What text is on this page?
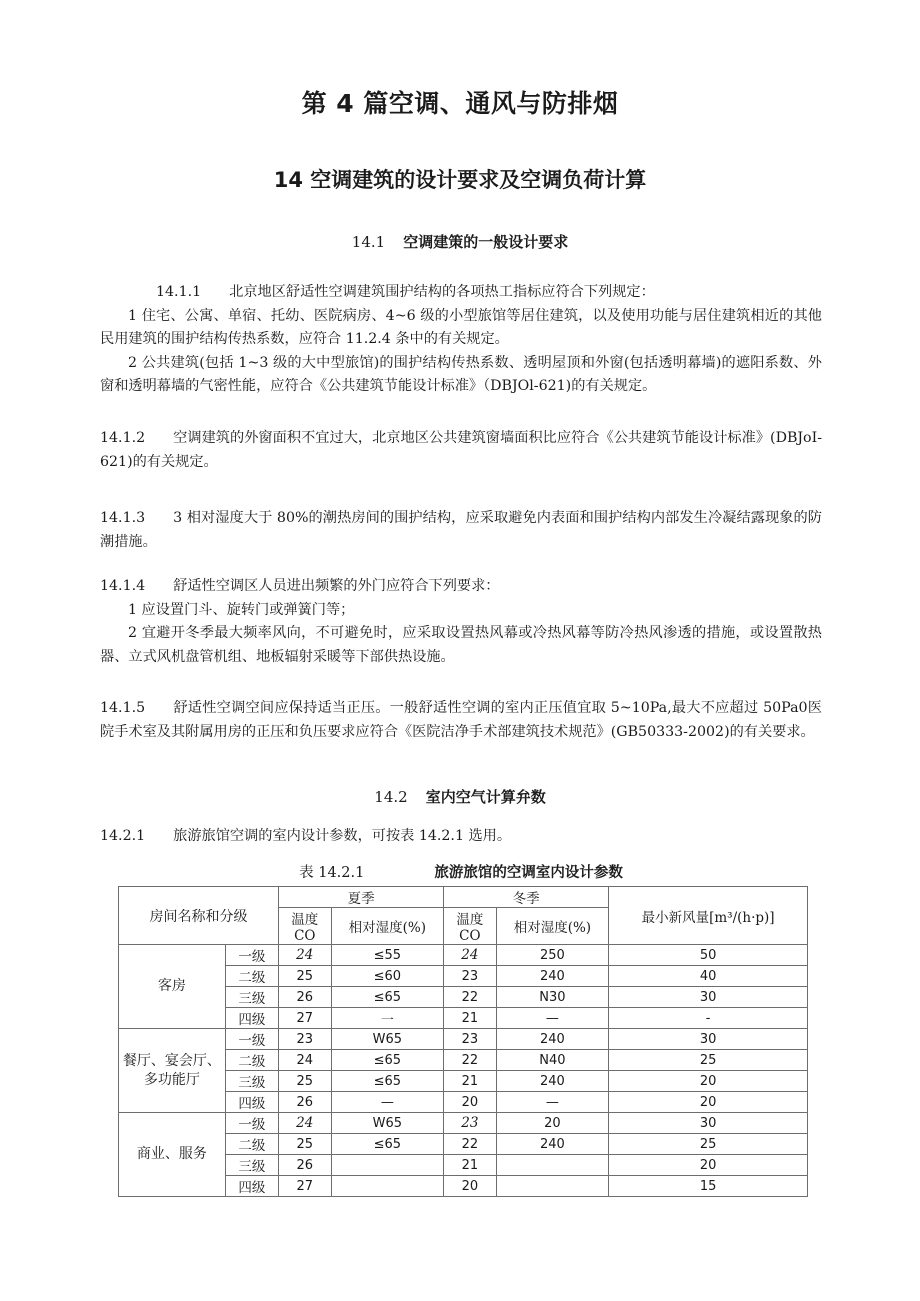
第 4 篇空调、通风与防排烟
14 空调建筑的设计要求及空调负荷计算
14.1 空调建策的一般设计要求

14.1.1 北京地区舒适性空调建筑围护结构的各项热工指标应符合下列规定：

1 住宅、公寓、单宿、托幼、医院病房、4~6 级的小型旅馆等居住建筑，以及使用功能与居住建筑相近的其他民用建筑的围护结构传热系数，应符合 11.2.4 条中的有关规定。

2 公共建筑(包括 1~3 级的大中型旅馆)的围护结构传热系数、透明屋顶和外窗(包括透明幕墙)的遮阳系数、外窗和透明幕墙的气密性能，应符合《公共建筑节能设计标准》（DBJOl-621)的有关规定。

14.1.2 空调建筑的外窗面积不宜过大，北京地区公共建筑窗墙面积比应符合《公共建筑节能设计标准》(DBJoI-621)的有关规定。

14.1.3 3 相对湿度大于 80%的潮热房间的围护结构，应采取避免内表面和围护结构内部发生冷凝结露现象的防潮措施。

14.1.4 舒适性空调区人员进出频繁的外门应符合下列要求：

1 应设置门斗、旋转门或弹簧门等；

2 宜避开冬季最大频率风向，不可避免时，应采取设置热风幕或冷热风幕等防冷热风渗透的措施，或设置散热器、立式风机盘管机组、地板辐射采暖等下部供热设施。

14.1.5 舒适性空调空间应保持适当正压。一般舒适性空调的室内正压值宜取 5~10Pa,最大不应超过 50Pa0医院手术室及其附属用房的正压和负压要求应符合《医院洁净手术部建筑技术规范》(GB50333-2002)的有关要求。

14.2 室内空气计算弁数

14.2.1 旅游旅馆空调的室内设计参数，可按表 14.2.1 选用。

表 14.2.1	旅游旅馆的空调室内设计参数
房间名称和分级		夏季		冬季		最小新风量[m³/(h·p)]
		温度 CO	相对湿度(%)	温度 CO	相对湿度(%)	
客房	一级	24	≤55	24	250	50
	二级	25	≤60	23	240	40
	三级	26	≤65	22	N30	30
	四级	27	一	21	—	-
餐厅、宴会厅、
多功能厅	一级	23	W65	23	240	30
	二级	24	≤65	22	N40	25
	三级	25	≤65	21	240	20
	四级	26	—	20	—	20
商业、服务	一级	24	W65	23	20	30
	二级	25	≤65	22	240	25
	三级	26		21		20
	四级	27		20		15
